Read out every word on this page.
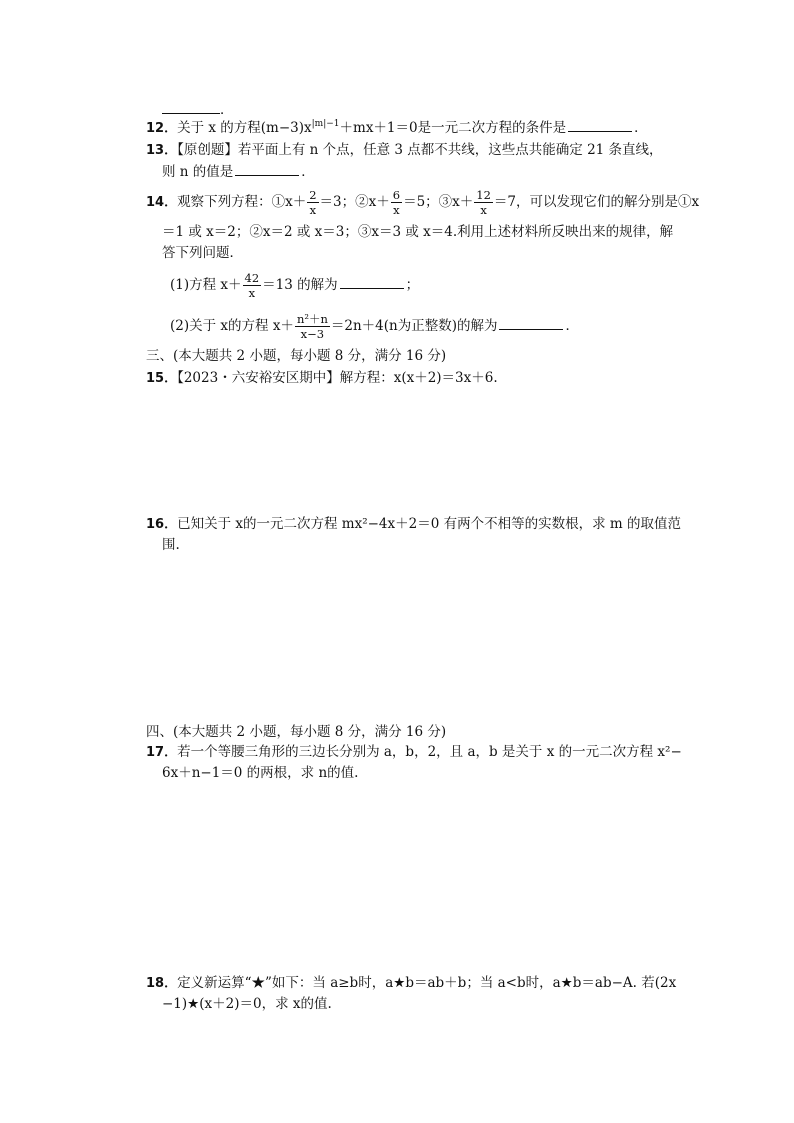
．
12．关于 x 的方程$(m-3)x^{|m|-1}+mx+1=0$是一元二次方程的条件是	．
13．【原创题】若平面上有 n 个点，任意 3 点都不共线，这些点共能确定 21 条直线，
则 n 的值是	．
14．观察下列方程：①x＋ $\frac{2}{x} =3$；②x＋ $\frac{6}{x} =5$；③x＋ $\frac{12}{x} =7$，可以发现它们的解分别是①x
＝1 或 x＝2；②x＝2 或 x＝3；③x＝3 或 x＝4.利用上述材料所反映出来的规律，解
答下列问题．
(1)方程 $x+ \frac{42}{x} =13$ 的解为	；
(2)关于 x的方程 $x+ \frac{\text{n²＋n}}{x-3} =2n+4(n$为正整数)的解为	．
三、(本大题共 2 小题，每小题 8 分，满分 16 分)
15．【2023・六安裕安区期中】解方程：x(x＋2)＝3x＋6.
16．已知关于 x的一元二次方程 mx²−4x＋2＝0 有两个不相等的实数根，求 m 的取值范
围.
四、(本大题共 2 小题，每小题 8 分，满分 16 分)
17．若一个等腰三角形的三边长分别为 a，b，2，且 a，b 是关于 x 的一元二次方程 x²−
6x＋n−1＝0 的两根，求 n的值.
18．定义新运算“★”如下：当 a≥b时，a★b＝ab＋b；当 a<b时，a★b＝ab−A. 若(2x
−1)★(x＋2)＝0，求 x的值.
